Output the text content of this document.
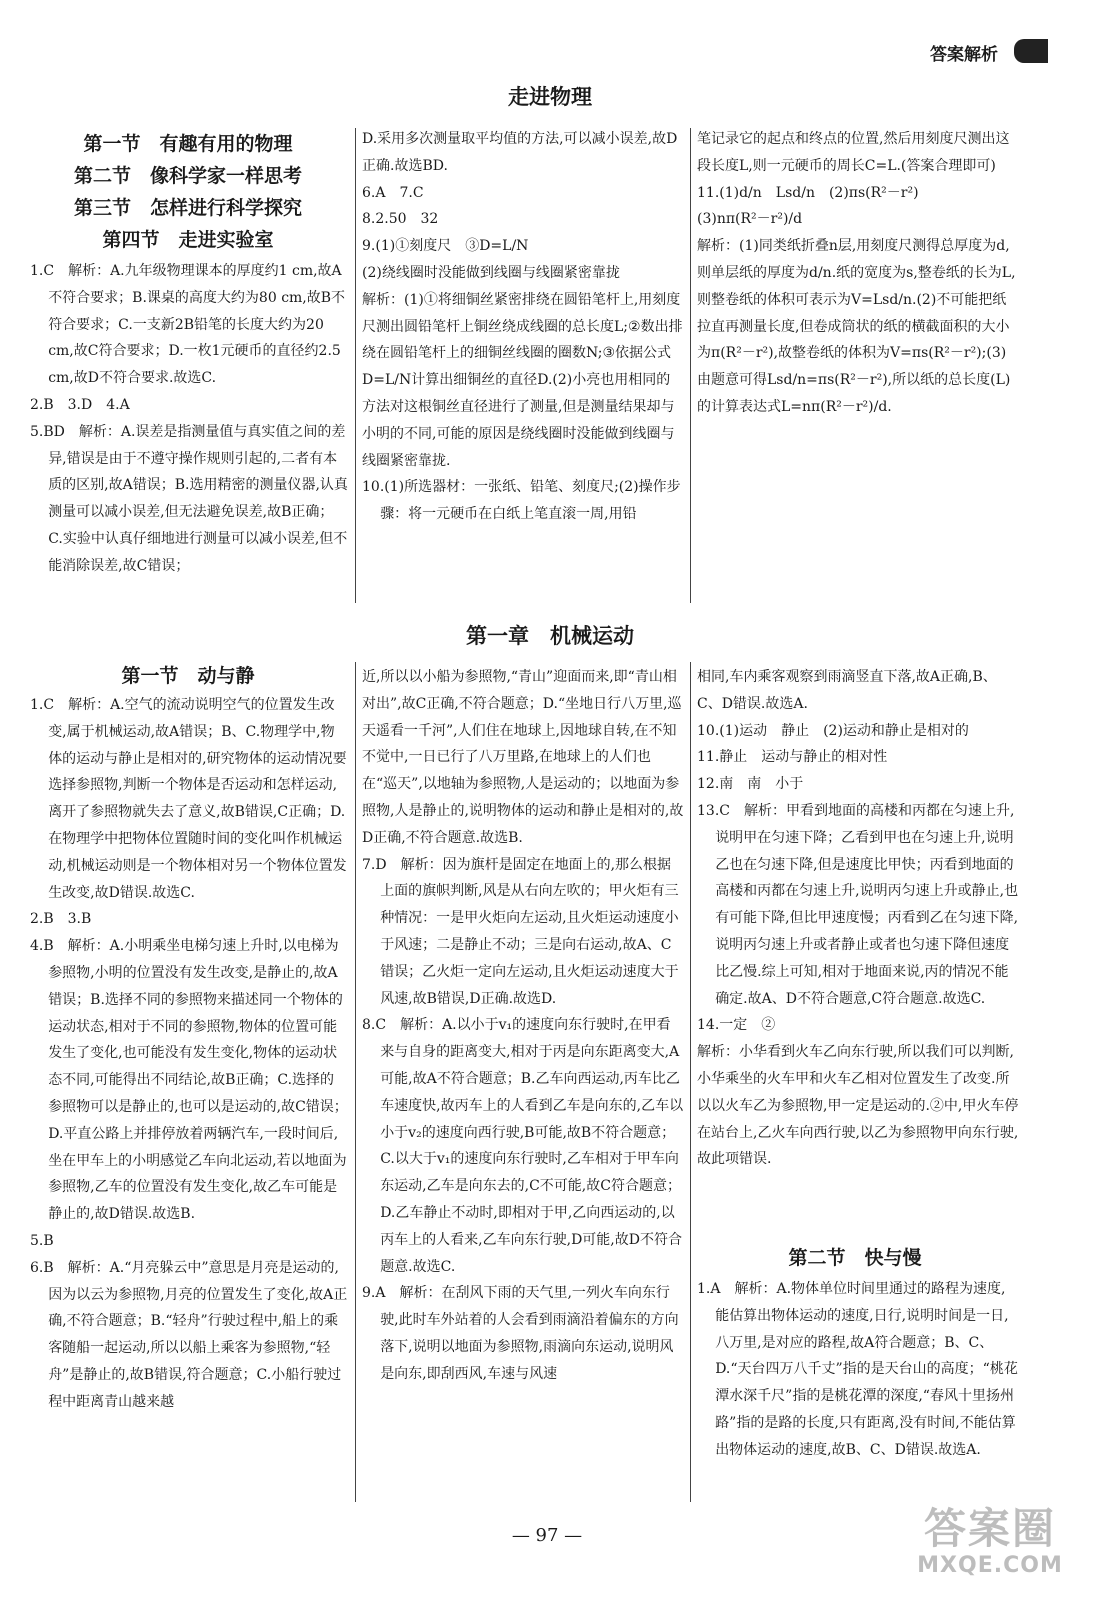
答案解析
走进物理
第一节　有趣有用的物理
第二节　像科学家一样思考
第三节　怎样进行科学探究
第四节　走进实验室

1.C　解析：A.九年级物理课本的厚度约1 cm,故A不符合要求；B.课桌的高度大约为80 cm,故B不符合要求；C.一支新2B铅笔的长度大约为20 cm,故C符合要求；D.一枚1元硬币的直径约2.5 cm,故D不符合要求.故选C.

2.B　3.D　4.A

5.BD　解析：A.误差是指测量值与真实值之间的差异,错误是由于不遵守操作规则引起的,二者有本质的区别,故A错误；B.选用精密的测量仪器,认真测量可以减小误差,但无法避免误差,故B正确；C.实验中认真仔细地进行测量可以减小误差,但不能消除误差,故C错误；

D.采用多次测量取平均值的方法,可以减小误差,故D正确.故选BD.

6.A　7.C

8.2.50　32

9.(1)①刻度尺　③D=L/N

(2)绕线圈时没能做到线圈与线圈紧密靠拢

解析：(1)①将细铜丝紧密排绕在圆铅笔杆上,用刻度尺测出圆铅笔杆上铜丝绕成线圈的总长度L;②数出排绕在圆铅笔杆上的细铜丝线圈的圈数N;③依据公式D=L/N计算出细铜丝的直径D.(2)小亮也用相同的方法对这根铜丝直径进行了测量,但是测量结果却与小明的不同,可能的原因是绕线圈时没能做到线圈与线圈紧密靠拢.

10.(1)所选器材：一张纸、铅笔、刻度尺;(2)操作步骤：将一元硬币在白纸上笔直滚一周,用铅

笔记录它的起点和终点的位置,然后用刻度尺测出这段长度L,则一元硬币的周长C=L.(答案合理即可)

11.(1)d/n　Lsd/n　(2)πs(R²－r²)

(3)nπ(R²－r²)/d

解析：(1)同类纸折叠n层,用刻度尺测得总厚度为d,则单层纸的厚度为d/n.纸的宽度为s,整卷纸的长为L,则整卷纸的体积可表示为V=Lsd/n.(2)不可能把纸拉直再测量长度,但卷成筒状的纸的横截面积的大小为π(R²－r²),故整卷纸的体积为V=πs(R²－r²);(3)由题意可得Lsd/n=πs(R²－r²),所以纸的总长度(L)的计算表达式L=nπ(R²－r²)/d.

第一章　机械运动
第一节　动与静

1.C　解析：A.空气的流动说明空气的位置发生改变,属于机械运动,故A错误；B、C.物理学中,物体的运动与静止是相对的,研究物体的运动情况要选择参照物,判断一个物体是否运动和怎样运动,离开了参照物就失去了意义,故B错误,C正确；D.在物理学中把物体位置随时间的变化叫作机械运动,机械运动则是一个物体相对另一个物体位置发生改变,故D错误.故选C.

2.B　3.B

4.B　解析：A.小明乘坐电梯匀速上升时,以电梯为参照物,小明的位置没有发生改变,是静止的,故A错误；B.选择不同的参照物来描述同一个物体的运动状态,相对于不同的参照物,物体的位置可能发生了变化,也可能没有发生变化,物体的运动状态不同,可能得出不同结论,故B正确；C.选择的参照物可以是静止的,也可以是运动的,故C错误；D.平直公路上并排停放着两辆汽车,一段时间后,坐在甲车上的小明感觉乙车向北运动,若以地面为参照物,乙车的位置没有发生变化,故乙车可能是静止的,故D错误.故选B.

5.B

6.B　解析：A.“月亮躲云中”意思是月亮是运动的,因为以云为参照物,月亮的位置发生了变化,故A正确,不符合题意；B.“轻舟”行驶过程中,船上的乘客随船一起运动,所以以船上乘客为参照物,“轻舟”是静止的,故B错误,符合题意；C.小船行驶过程中距离青山越来越

近,所以以小船为参照物,“青山”迎面而来,即“青山相对出”,故C正确,不符合题意；D.“坐地日行八万里,巡天遥看一千河”,人们住在地球上,因地球自转,在不知不觉中,一日已行了八万里路,在地球上的人们也在“巡天”,以地轴为参照物,人是运动的；以地面为参照物,人是静止的,说明物体的运动和静止是相对的,故D正确,不符合题意.故选B.

7.D　解析：因为旗杆是固定在地面上的,那么根据上面的旗帜判断,风是从右向左吹的；甲火炬有三种情况：一是甲火炬向左运动,且火炬运动速度小于风速；二是静止不动；三是向右运动,故A、C错误；乙火炬一定向左运动,且火炬运动速度大于风速,故B错误,D正确.故选D.

8.C　解析：A.以小于v₁的速度向东行驶时,在甲看来与自身的距离变大,相对于丙是向东距离变大,A可能,故A不符合题意；B.乙车向西运动,丙车比乙车速度快,故丙车上的人看到乙车是向东的,乙车以小于v₂的速度向西行驶,B可能,故B不符合题意；C.以大于v₁的速度向东行驶时,乙车相对于甲车向东运动,乙车是向东去的,C不可能,故C符合题意；D.乙车静止不动时,即相对于甲,乙向西运动的,以丙车上的人看来,乙车向东行驶,D可能,故D不符合题意.故选C.

9.A　解析：在刮风下雨的天气里,一列火车向东行驶,此时车外站着的人会看到雨滴沿着偏东的方向落下,说明以地面为参照物,雨滴向东运动,说明风是向东,即刮西风,车速与风速

相同,车内乘客观察到雨滴竖直下落,故A正确,B、C、D错误.故选A.

10.(1)运动　静止　(2)运动和静止是相对的

11.静止　运动与静止的相对性

12.南　南　小于

13.C　解析：甲看到地面的高楼和丙都在匀速上升,说明甲在匀速下降；乙看到甲也在匀速上升,说明乙也在匀速下降,但是速度比甲快；丙看到地面的高楼和丙都在匀速上升,说明丙匀速上升或静止,也有可能下降,但比甲速度慢；丙看到乙在匀速下降,说明丙匀速上升或者静止或者也匀速下降但速度比乙慢.综上可知,相对于地面来说,丙的情况不能确定.故A、D不符合题意,C符合题意.故选C.

14.一定　②

解析：小华看到火车乙向东行驶,所以我们可以判断,小华乘坐的火车甲和火车乙相对位置发生了改变.所以以火车乙为参照物,甲一定是运动的.②中,甲火车停在站台上,乙火车向西行驶,以乙为参照物甲向东行驶,故此项错误.

第二节　快与慢

1.A　解析：A.物体单位时间里通过的路程为速度,能估算出物体运动的速度,日行,说明时间是一日,八万里,是对应的路程,故A符合题意；B、C、D.“天台四万八千丈”指的是天台山的高度；“桃花潭水深千尺”指的是桃花潭的深度,“春风十里扬州路”指的是路的长度,只有距离,没有时间,不能估算出物体运动的速度,故B、C、D错误.故选A.

— 97 —	答案圈
MXQE.COM
